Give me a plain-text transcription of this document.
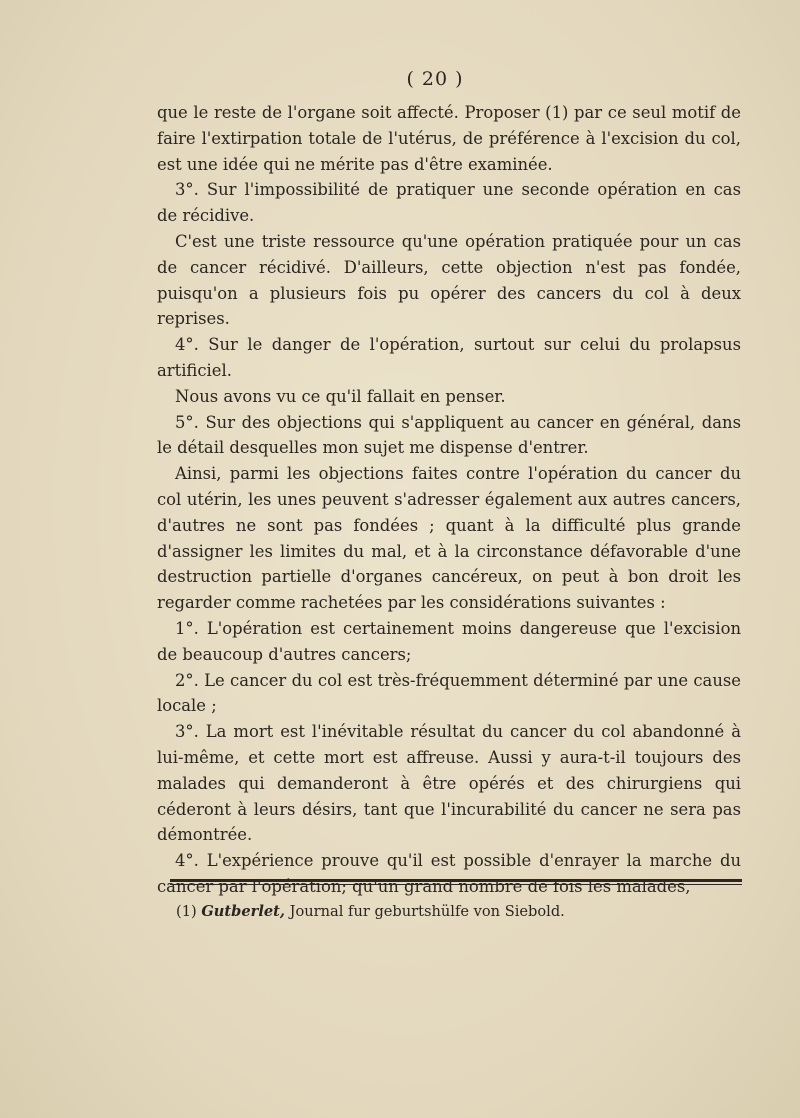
( 20 )

que le reste de l'organe soit affecté. Proposer (1) par ce seul motif de faire l'extirpation totale de l'utérus, de préférence à l'excision du col, est une idée qui ne mérite pas d'être examinée.

3°. Sur l'impossibilité de pratiquer une seconde opération en cas de récidive.

C'est une triste ressource qu'une opération pratiquée pour un cas de cancer récidivé. D'ailleurs, cette objection n'est pas fondée, puisqu'on a plusieurs fois pu opérer des cancers du col à deux reprises.

4°. Sur le danger de l'opération, surtout sur celui du prolapsus artificiel.

Nous avons vu ce qu'il fallait en penser.

5°. Sur des objections qui s'appliquent au cancer en général, dans le détail desquelles mon sujet me dispense d'entrer.

Ainsi, parmi les objections faites contre l'opération du cancer du col utérin, les unes peuvent s'adresser également aux autres cancers, d'autres ne sont pas fondées ; quant à la difficulté plus grande d'assigner les limites du mal, et à la circonstance défavorable d'une destruction partielle d'organes cancéreux, on peut à bon droit les regarder comme rachetées par les considérations suivantes :

1°. L'opération est certainement moins dangereuse que l'excision de beaucoup d'autres cancers;

2°. Le cancer du col est très-fréquemment déterminé par une cause locale ;

3°. La mort est l'inévitable résultat du cancer du col abandonné à lui-même, et cette mort est affreuse. Aussi y aura-t-il toujours des malades qui demanderont à être opérés et des chirurgiens qui céderont à leurs désirs, tant que l'incurabilité du cancer ne sera pas démontrée.

4°. L'expérience prouve qu'il est possible d'enrayer la marche du cancer par l'opération; qu'un grand nombre de fois les malades,

(1) Gutberlet, Journal fur geburtshülfe von Siebold.
